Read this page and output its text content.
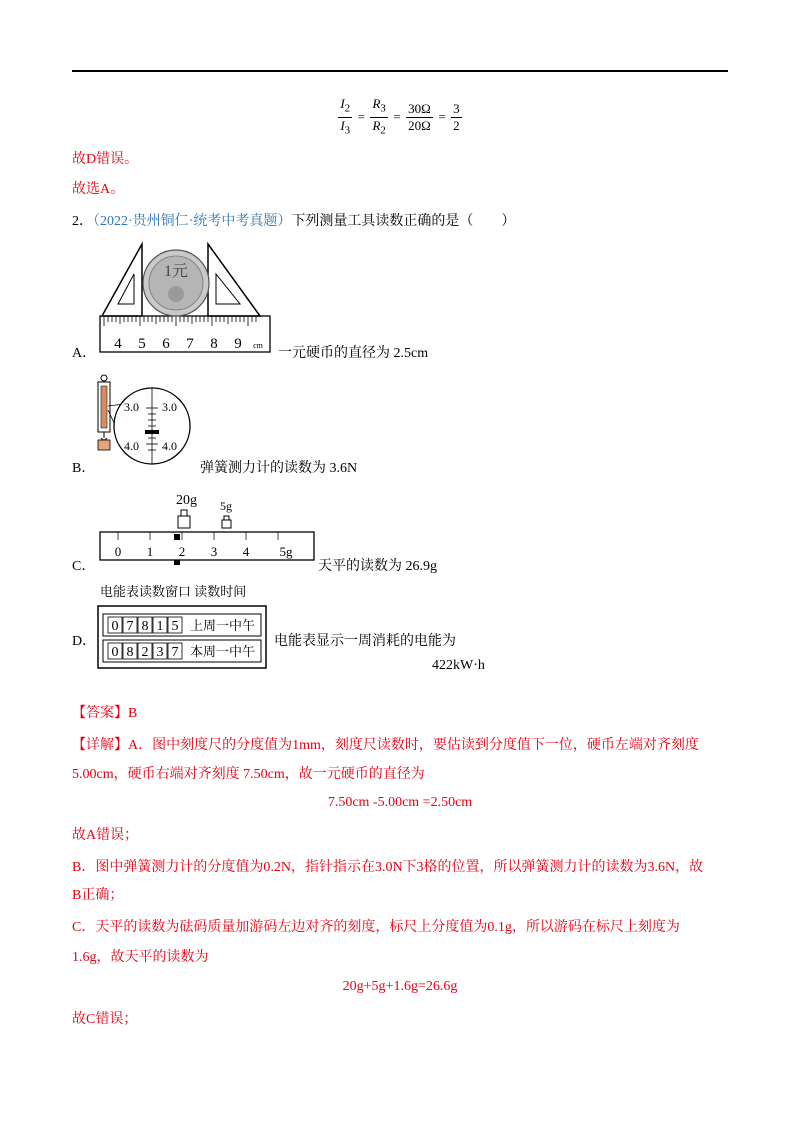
$\frac{I_2}{I_3} = \frac{R_3}{R_2} = \frac{30\Omega}{20\Omega} = \frac{3}{2}$
故D错误。
故选A。
2．（2022·贵州铜仁·统考中考真题）下列测量工具读数正确的是（　　）
A．
1元
4 5 6 7 8 9 cm
一元硬币的直径为 2.5cm
B．
3.0 3.0
4.0 4.0
弹簧测力计的读数为 3.6N
C．
20g 5g
0 1 2 3 4 5g
天平的读数为 26.9g
电能表读数窗口 读数时间
D．
0 7 8 1 5
0 8 2 3 7
上周一中午
本周一中午
电能表显示一周消耗的电能为
422kW·h
【答案】B
【详解】A．图中刻度尺的分度值为1mm，刻度尺读数时，要估读到分度值下一位，硬币左端对齐刻度
5.00cm，硬币右端对齐刻度 7.50cm，故一元硬币的直径为
7.50cm -5.00cm =2.50cm
故A错误；
B．图中弹簧测力计的分度值为0.2N，指针指示在3.0N下3格的位置，所以弹簧测力计的读数为3.6N，故
B正确；
C．天平的读数为砝码质量加游码左边对齐的刻度，标尺上分度值为0.1g，所以游码在标尺上刻度为
1.6g，故天平的读数为
20g+5g+1.6g=26.6g
故C错误；
